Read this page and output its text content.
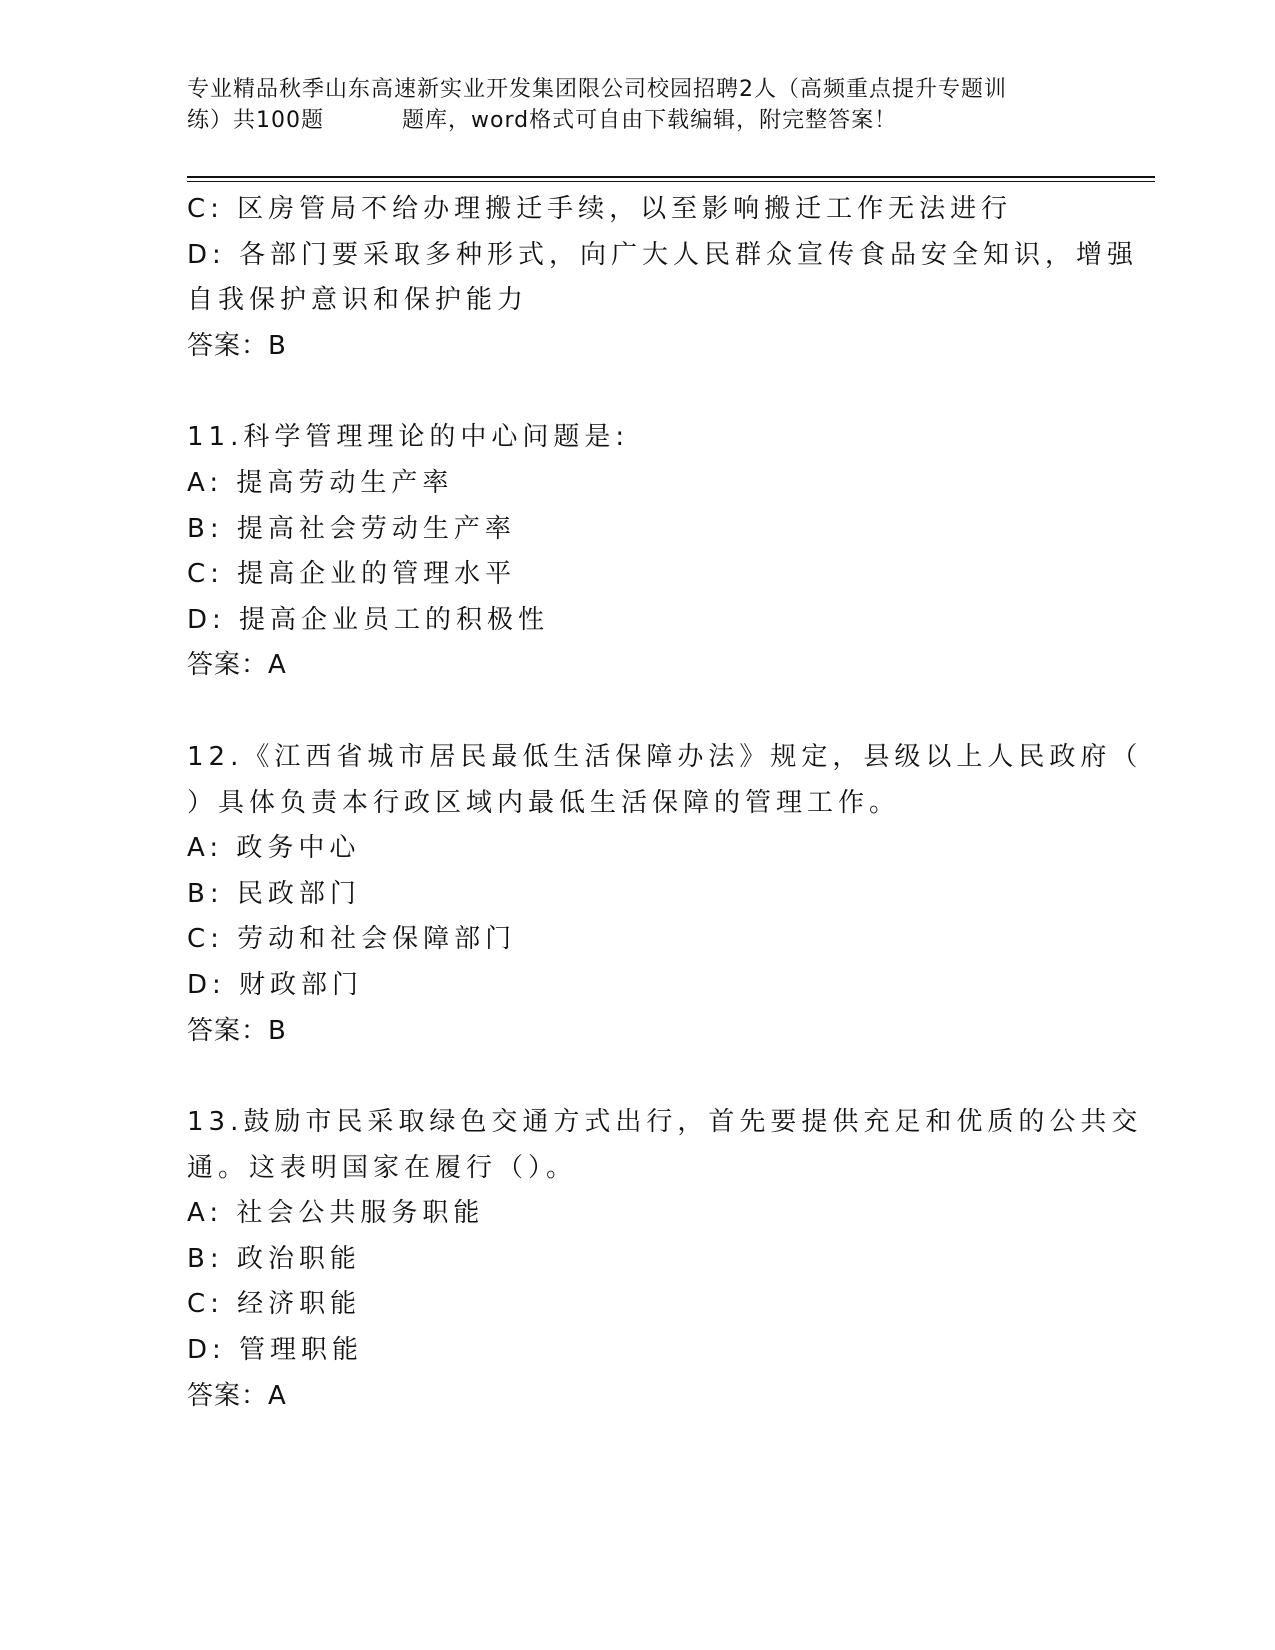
专业精品秋季山东高速新实业开发集团限公司校园招聘2人（高频重点提升专题训
练）共100题	题库，word格式可自由下载编辑，附完整答案！
C: 区房管局不给办理搬迁手续，以至影响搬迁工作无法进行
D: 各部门要采取多种形式，向广大人民群众宣传食品安全知识，增强
自我保护意识和保护能力
答案：B
11.科学管理理论的中心问题是:
A: 提高劳动生产率
B: 提高社会劳动生产率
C: 提高企业的管理水平
D: 提高企业员工的积极性
答案：A
12.《江西省城市居民最低生活保障办法》规定，县级以上人民政府（
）具体负责本行政区域内最低生活保障的管理工作。
A: 政务中心
B: 民政部门
C: 劳动和社会保障部门
D: 财政部门
答案：B
13.鼓励市民采取绿色交通方式出行，首先要提供充足和优质的公共交
通。这表明国家在履行（）。
A: 社会公共服务职能
B: 政治职能
C: 经济职能
D: 管理职能
答案：A
